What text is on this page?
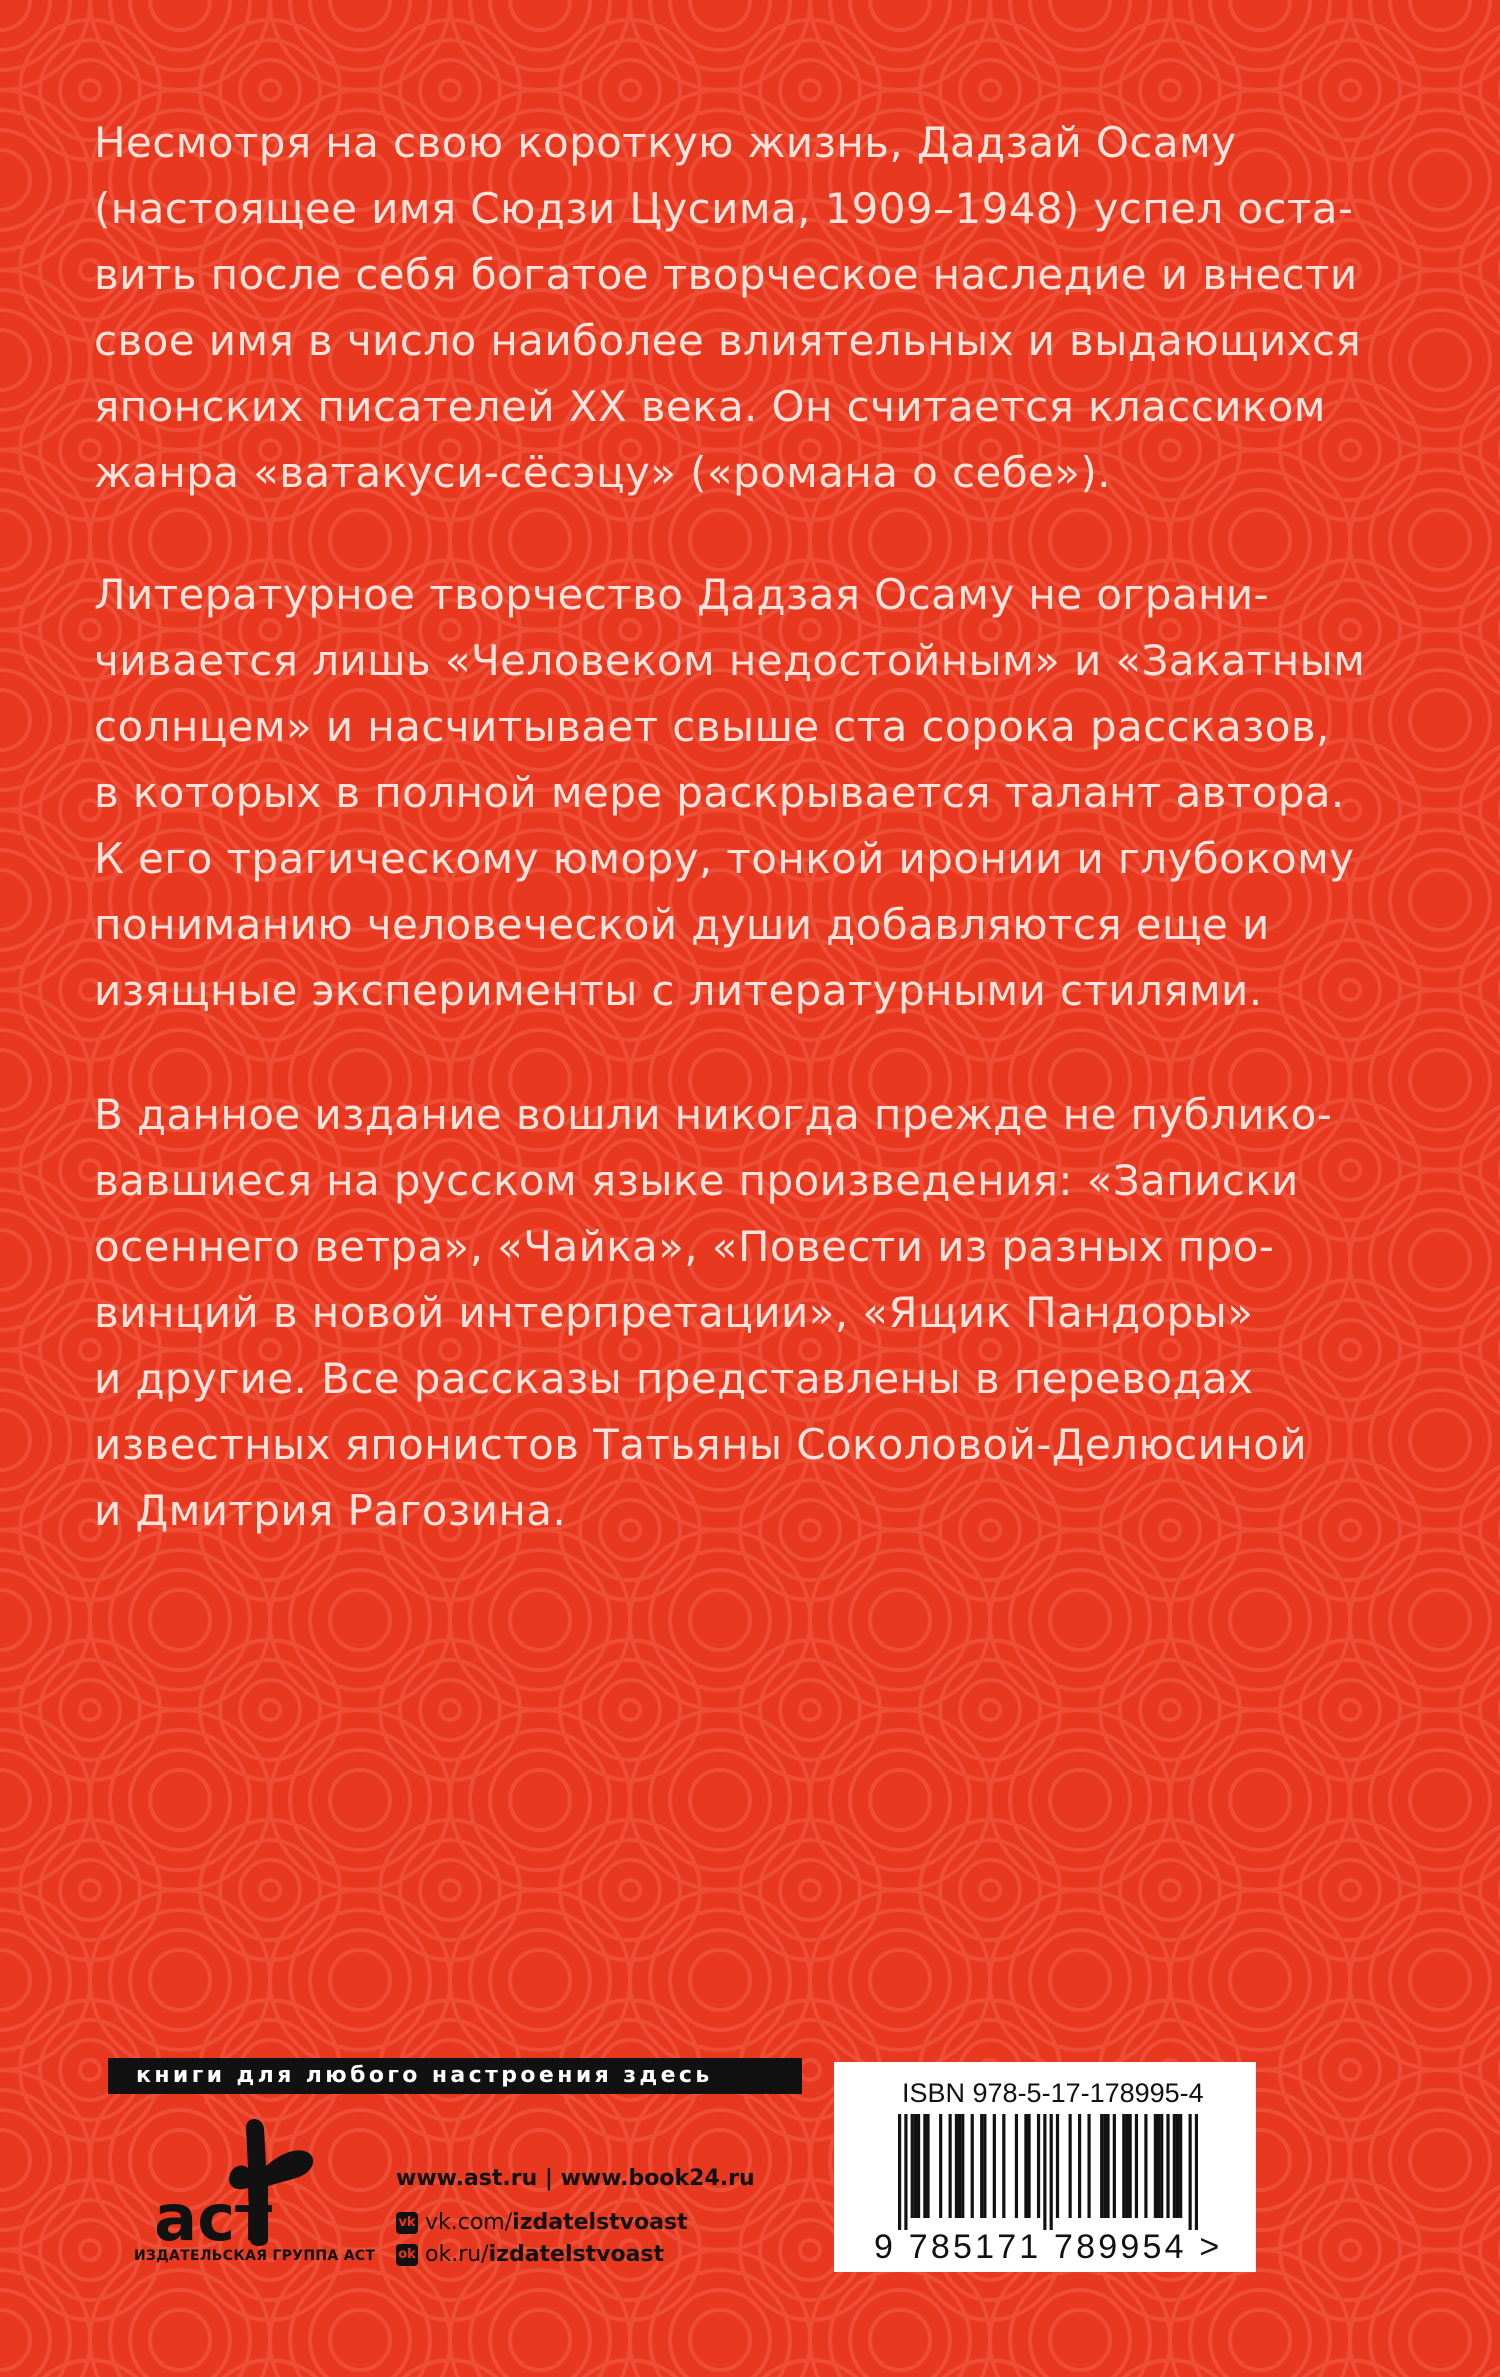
Несмотря на свою короткую жизнь, Дадзай Осаму
(настоящее имя Сюдзи Цусима, 1909–1948) успел оста-
вить после себя богатое творческое наследие и внести
свое имя в число наиболее влиятельных и выдающихся
японских писателей XX века. Он считается классиком
жанра «ватакуси-сёсэцу» («романа о себе»).
Литературное творчество Дадзая Осаму не ограни-
чивается лишь «Человеком недостойным» и «Закатным
солнцем» и насчитывает свыше ста сорока рассказов,
в которых в полной мере раскрывается талант автора.
К его трагическому юмору, тонкой иронии и глубокому
пониманию человеческой души добавляются еще и
изящные эксперименты с литературными стилями.
В данное издание вошли никогда прежде не публико-
вавшиеся на русском языке произведения: «Записки
осеннего ветра», «Чайка», «Повести из разных про-
винций в новой интерпретации», «Ящик Пандоры»
и другие. Все рассказы представлены в переводах
известных японистов Татьяны Соколовой-Делюсиной
и Дмитрия Рагозина.
книги для любого настроения здесь
аст
ИЗДАТЕЛЬСКАЯ ГРУППА АСТ
www.ast.ru | www.book24.ru
vk vk.com/izdatelstvoast
ok ok.ru/izdatelstvoast
ISBN 978-5-17-178995-4
9 785171 789954 >
